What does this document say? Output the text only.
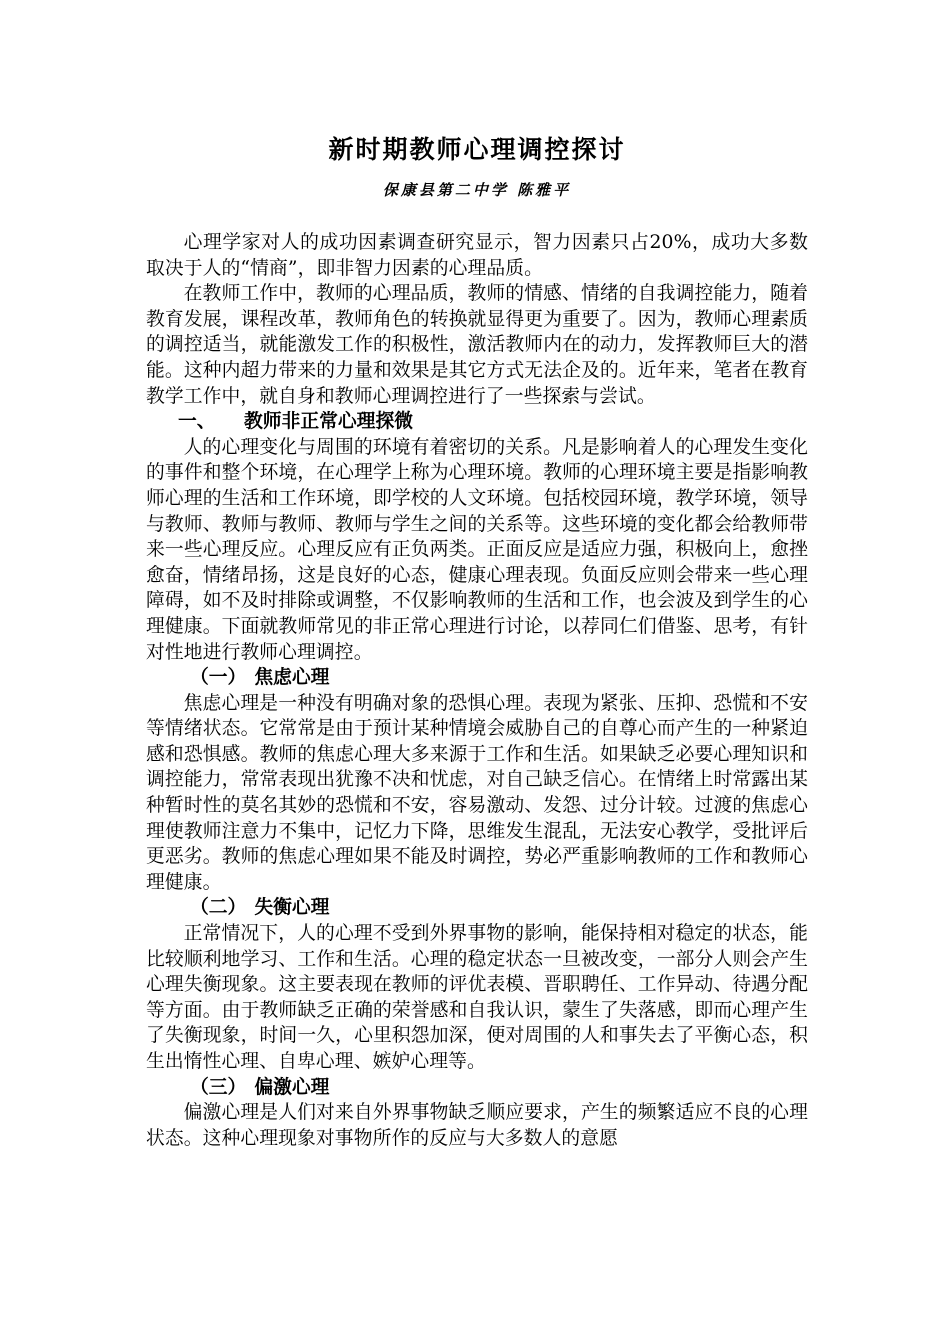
新时期教师心理调控探讨
保康县第二中学 陈雅平

心理学家对人的成功因素调查研究显示，智力因素只占20%，成功大多数取决于人的“情商”，即非智力因素的心理品质。

在教师工作中，教师的心理品质，教师的情感、情绪的自我调控能力，随着教育发展，课程改革，教师角色的转换就显得更为重要了。因为，教师心理素质的调控适当，就能激发工作的积极性，激活教师内在的动力，发挥教师巨大的潜能。这种内超力带来的力量和效果是其它方式无法企及的。近年来，笔者在教育教学工作中，就自身和教师心理调控进行了一些探索与尝试。

一、 教师非正常心理探微

人的心理变化与周围的环境有着密切的关系。凡是影响着人的心理发生变化的事件和整个环境，在心理学上称为心理环境。教师的心理环境主要是指影响教师心理的生活和工作环境，即学校的人文环境。包括校园环境，教学环境，领导与教师、教师与教师、教师与学生之间的关系等。这些环境的变化都会给教师带来一些心理反应。心理反应有正负两类。正面反应是适应力强，积极向上，愈挫愈奋，情绪昂扬，这是良好的心态，健康心理表现。负面反应则会带来一些心理障碍，如不及时排除或调整，不仅影响教师的生活和工作，也会波及到学生的心理健康。下面就教师常见的非正常心理进行讨论，以荐同仁们借鉴、思考，有针对性地进行教师心理调控。

（一） 焦虑心理

焦虑心理是一种没有明确对象的恐惧心理。表现为紧张、压抑、恐慌和不安等情绪状态。它常常是由于预计某种情境会威胁自己的自尊心而产生的一种紧迫感和恐惧感。教师的焦虑心理大多来源于工作和生活。如果缺乏必要心理知识和调控能力，常常表现出犹豫不决和忧虑，对自己缺乏信心。在情绪上时常露出某种暂时性的莫名其妙的恐慌和不安，容易激动、发怨、过分计较。过渡的焦虑心理使教师注意力不集中，记忆力下降，思维发生混乱，无法安心教学，受批评后更恶劣。教师的焦虑心理如果不能及时调控，势必严重影响教师的工作和教师心理健康。

（二） 失衡心理

正常情况下，人的心理不受到外界事物的影响，能保持相对稳定的状态，能比较顺利地学习、工作和生活。心理的稳定状态一旦被改变，一部分人则会产生心理失衡现象。这主要表现在教师的评优表模、晋职聘任、工作异动、待遇分配等方面。由于教师缺乏正确的荣誉感和自我认识，蒙生了失落感，即而心理产生了失衡现象，时间一久，心里积怨加深，便对周围的人和事失去了平衡心态，积生出惰性心理、自卑心理、嫉妒心理等。

（三） 偏激心理

偏激心理是人们对来自外界事物缺乏顺应要求，产生的频繁适应不良的心理状态。这种心理现象对事物所作的反应与大多数人的意愿
